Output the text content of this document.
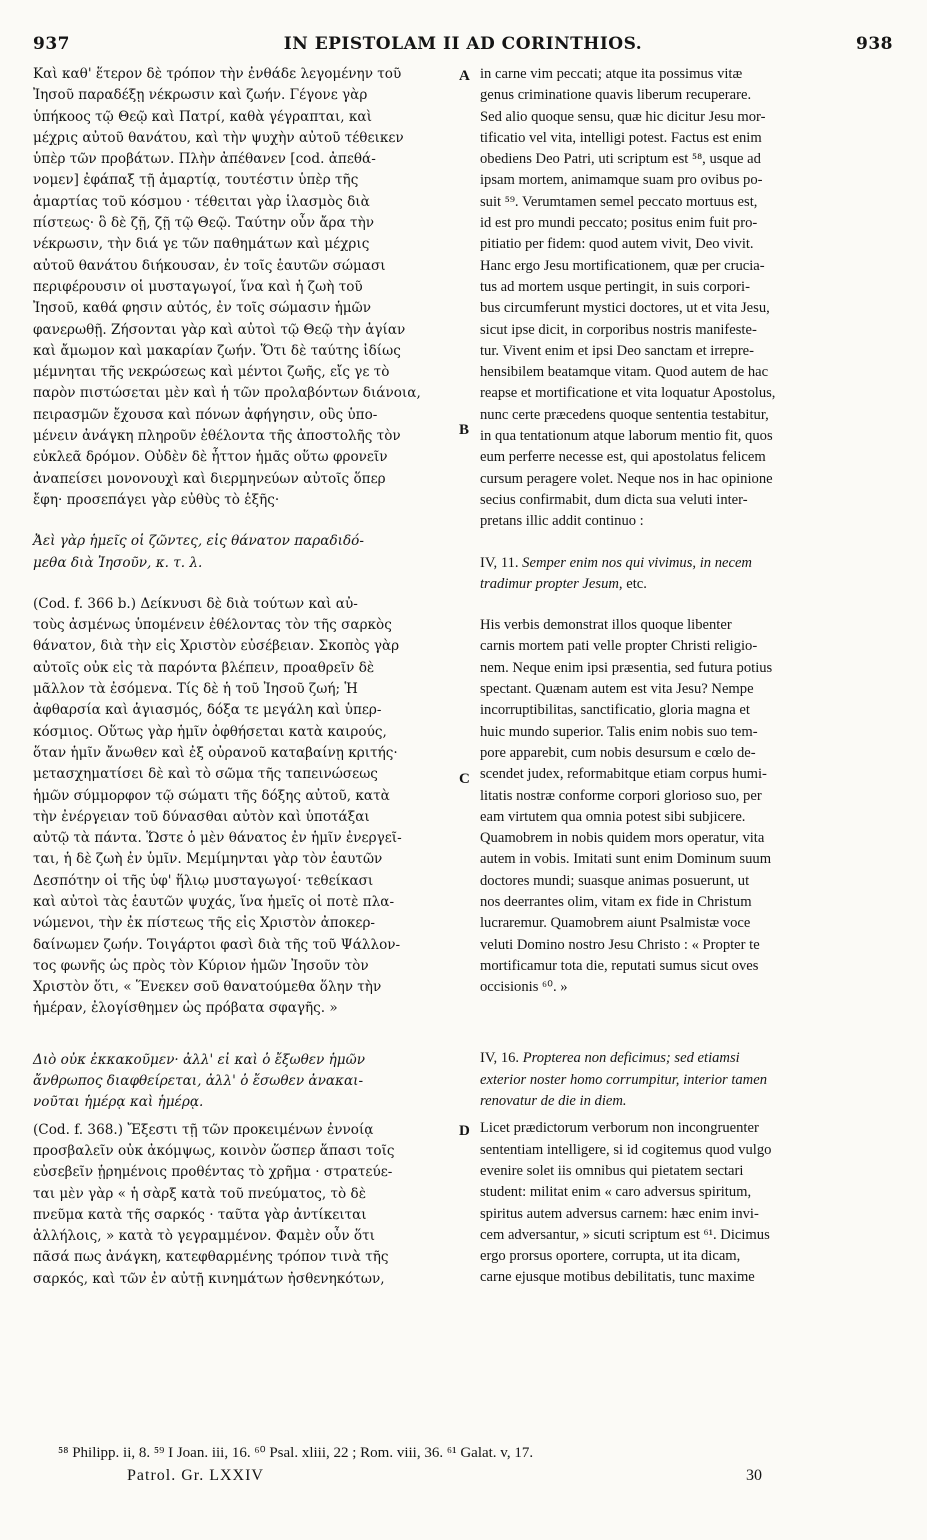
937	IN EPISTOLAM II AD CORINTHIOS.	938
A
B
C
D

Καὶ καθ' ἕτερον δὲ τρόπον τὴν ἐνθάδε λεγομένην τοῦ
Ἰησοῦ παραδέξῃ νέκρωσιν καὶ ζωήν. Γέγονε γὰρ
ὑπήκοος τῷ Θεῷ καὶ Πατρί, καθὰ γέγραπται, καὶ
μέχρις αὐτοῦ θανάτου, καὶ τὴν ψυχὴν αὐτοῦ τέθεικεν
ὑπὲρ τῶν προβάτων. Πλὴν ἀπέθανεν [cod. ἀπεθά-
νομεν] ἐφάπαξ τῇ ἁμαρτίᾳ, τουτέστιν ὑπὲρ τῆς
ἁμαρτίας τοῦ κόσμου · τέθειται γὰρ ἱλασμὸς διὰ
πίστεως· ὃ δὲ ζῇ, ζῇ τῷ Θεῷ. Ταύτην οὖν ἄρα τὴν
νέκρωσιν, τὴν διά γε τῶν παθημάτων καὶ μέχρις
αὐτοῦ θανάτου διήκουσαν, ἐν τοῖς ἑαυτῶν σώμασι
περιφέρουσιν οἱ μυσταγωγοί, ἵνα καὶ ἡ ζωὴ τοῦ
Ἰησοῦ, καθά φησιν αὐτός, ἐν τοῖς σώμασιν ἡμῶν
φανερωθῇ. Ζήσονται γὰρ καὶ αὐτοὶ τῷ Θεῷ τὴν ἁγίαν
καὶ ἄμωμον καὶ μακαρίαν ζωήν. Ὅτι δὲ ταύτης ἰδίως
μέμνηται τῆς νεκρώσεως καὶ μέντοι ζωῆς, εἴς γε τὸ
παρὸν πιστώσεται μὲν καὶ ἡ τῶν προλαβόντων διάνοια,
πειρασμῶν ἔχουσα καὶ πόνων ἀφήγησιν, οὓς ὑπο-
μένειν ἀνάγκη πληροῦν ἐθέλοντα τῆς ἀποστολῆς τὸν
εὐκλεᾶ δρόμον. Οὐδὲν δὲ ἧττον ἡμᾶς οὕτω φρονεῖν
ἀναπείσει μονονουχὶ καὶ διερμηνεύων αὐτοῖς ὅπερ
ἔφη· προσεπάγει γὰρ εὐθὺς τὸ ἑξῆς·

Ἀεὶ γὰρ ἡμεῖς οἱ ζῶντες, εἰς θάνατον παραδιδό-
μεθα διὰ Ἰησοῦν, κ. τ. λ.

(Cod. f. 366 b.) Δείκνυσι δὲ διὰ τούτων καὶ αὐ-
τοὺς ἀσμένως ὑπομένειν ἐθέλοντας τὸν τῆς σαρκὸς
θάνατον, διὰ τὴν εἰς Χριστὸν εὐσέβειαν. Σκοπὸς γὰρ
αὐτοῖς οὐκ εἰς τὰ παρόντα βλέπειν, προαθρεῖν δὲ
μᾶλλον τὰ ἐσόμενα. Τίς δὲ ἡ τοῦ Ἰησοῦ ζωή; Ἡ
ἀφθαρσία καὶ ἁγιασμός, δόξα τε μεγάλη καὶ ὑπερ-
κόσμιος. Οὕτως γὰρ ἡμῖν ὀφθήσεται κατὰ καιρούς,
ὅταν ἡμῖν ἄνωθεν καὶ ἐξ οὐρανοῦ καταβαίνῃ κριτής·
μετασχηματίσει δὲ καὶ τὸ σῶμα τῆς ταπεινώσεως
ἡμῶν σύμμορφον τῷ σώματι τῆς δόξης αὐτοῦ, κατὰ
τὴν ἐνέργειαν τοῦ δύνασθαι αὐτὸν καὶ ὑποτάξαι
αὐτῷ τὰ πάντα. Ὥστε ὁ μὲν θάνατος ἐν ἡμῖν ἐνεργεῖ-
ται, ἡ δὲ ζωὴ ἐν ὑμῖν. Μεμίμηνται γὰρ τὸν ἑαυτῶν
Δεσπότην οἱ τῆς ὑφ' ἥλιῳ μυσταγωγοί· τεθείκασι
καὶ αὐτοὶ τὰς ἑαυτῶν ψυχάς, ἵνα ἡμεῖς οἱ ποτὲ πλα-
νώμενοι, τὴν ἐκ πίστεως τῆς εἰς Χριστὸν ἀποκερ-
δαίνωμεν ζωήν. Τοιγάρτοι φασὶ διὰ τῆς τοῦ Ψάλλον-
τος φωνῆς ὡς πρὸς τὸν Κύριον ἡμῶν Ἰησοῦν τὸν
Χριστὸν ὅτι, « Ἕνεκεν σοῦ θανατούμεθα ὅλην τὴν
ἡμέραν, ἐλογίσθημεν ὡς πρόβατα σφαγῆς. »

Διὸ οὐκ ἐκκακοῦμεν· ἀλλ' εἰ καὶ ὁ ἔξωθεν ἡμῶν
ἄνθρωπος διαφθείρεται, ἀλλ' ὁ ἔσωθεν ἀνακαι-
νοῦται ἡμέρᾳ καὶ ἡμέρᾳ.

(Cod. f. 368.) Ἔξεστι τῇ τῶν προκειμένων ἐννοίᾳ
προσβαλεῖν οὐκ ἀκόμψως, κοινὸν ὥσπερ ἅπασι τοῖς
εὐσεβεῖν ᾑρημένοις προθέντας τὸ χρῆμα · στρατεύε-
ται μὲν γὰρ « ἡ σὰρξ κατὰ τοῦ πνεύματος, τὸ δὲ
πνεῦμα κατὰ τῆς σαρκός · ταῦτα γὰρ ἀντίκειται
ἀλλήλοις, » κατὰ τὸ γεγραμμένον. Φαμὲν οὖν ὅτι
πᾶσά πως ἀνάγκη, κατεφθαρμένης τρόπον τινὰ τῆς
σαρκός, καὶ τῶν ἐν αὐτῇ κινημάτων ἠσθενηκότων,

in carne vim peccati; atque ita possimus vitæ
genus criminatione quavis liberum recuperare.
Sed alio quoque sensu, quæ hic dicitur Jesu mor-
tificatio vel vita, intelligi potest. Factus est enim
obediens Deo Patri, uti scriptum est ⁵⁸, usque ad
ipsam mortem, animamque suam pro ovibus po-
suit ⁵⁹. Verumtamen semel peccato mortuus est,
id est pro mundi peccato; positus enim fuit pro-
pitiatio per fidem: quod autem vivit, Deo vivit.
Hanc ergo Jesu mortificationem, quæ per crucia-
tus ad mortem usque pertingit, in suis corpori-
bus circumferunt mystici doctores, ut et vita Jesu,
sicut ipse dicit, in corporibus nostris manifeste-
tur. Vivent enim et ipsi Deo sanctam et irrepre-
hensibilem beatamque vitam. Quod autem de hac
reapse et mortificatione et vita loquatur Apostolus,
nunc certe præcedens quoque sententia testabitur,
in qua tentationum atque laborum mentio fit, quos
eum perferre necesse est, qui apostolatus felicem
cursum peragere volet. Neque nos in hac opinione
secius confirmabit, dum dicta sua veluti inter-
pretans illic addit continuo :

IV, 11. Semper enim nos qui vivimus, in necem
tradimur propter Jesum, etc.

His verbis demonstrat illos quoque libenter
carnis mortem pati velle propter Christi religio-
nem. Neque enim ipsi præsentia, sed futura potius
spectant. Quænam autem est vita Jesu? Nempe
incorruptibilitas, sanctificatio, gloria magna et
huic mundo superior. Talis enim nobis suo tem-
pore apparebit, cum nobis desursum e cœlo de-
scendet judex, reformabitque etiam corpus humi-
litatis nostræ conforme corpori glorioso suo, per
eam virtutem qua omnia potest sibi subjicere.
Quamobrem in nobis quidem mors operatur, vita
autem in vobis. Imitati sunt enim Dominum suum
doctores mundi; suasque animas posuerunt, ut
nos deerrantes olim, vitam ex fide in Christum
lucraremur. Quamobrem aiunt Psalmistæ voce
veluti Domino nostro Jesu Christo : « Propter te
mortificamur tota die, reputati sumus sicut oves
occisionis ⁶⁰. »

IV, 16. Propterea non deficimus; sed etiamsi
exterior noster homo corrumpitur, interior tamen
renovatur de die in diem.

Licet prædictorum verborum non incongruenter
sententiam intelligere, si id cogitemus quod vulgo
evenire solet iis omnibus qui pietatem sectari
student: militat enim « caro adversus spiritum,
spiritus autem adversus carnem: hæc enim invi-
cem adversantur, » sicuti scriptum est ⁶¹. Dicimus
ergo prorsus oportere, corrupta, ut ita dicam,
carne ejusque motibus debilitatis, tunc maxime

⁵⁸ Philipp. ii, 8. ⁵⁹ I Joan. iii, 16. ⁶⁰ Psal. xliii, 22 ; Rom. viii, 36. ⁶¹ Galat. v, 17.
Patrol. Gr. LXXIV	30
